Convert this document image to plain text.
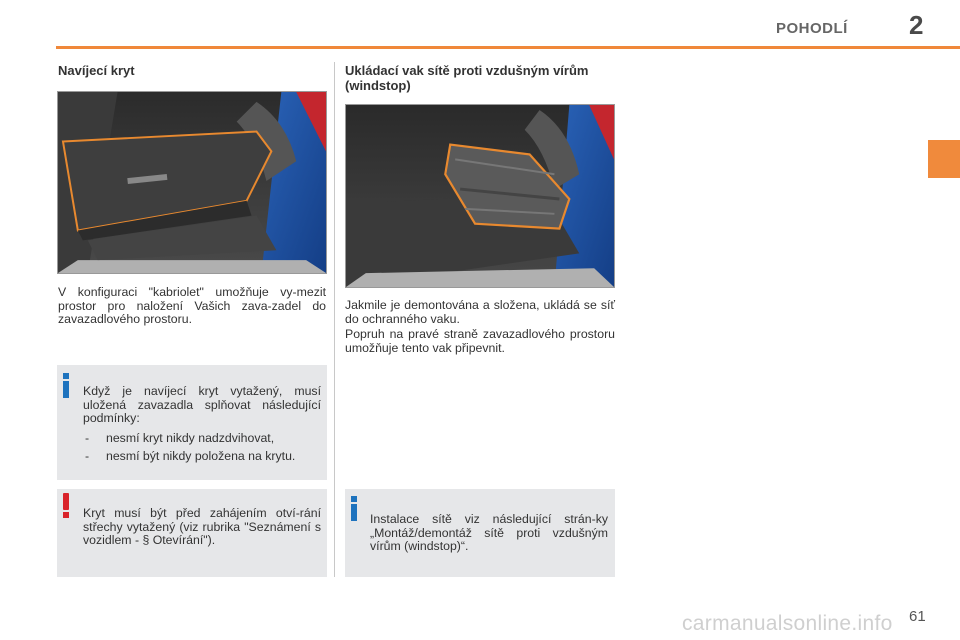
POHODLÍ 2
Navíjecí kryt

V konfiguraci "kabriolet" umožňuje vy-mezit prostor pro naložení Vašich zava-zadel do zavazadlového prostoru.

Když je navíjecí kryt vytažený, musí uložená zavazadla splňovat následující podmínky:

- nesmí kryt nikdy nadzdvihovat,
- nesmí být nikdy položena na krytu.

Kryt musí být před zahájením otví-rání střechy vytažený (viz rubrika "Seznámení s vozidlem - § Otevírání").

Ukládací vak sítě proti vzdušným vírům (windstop)

Jakmile je demontována a složena, ukládá se síť do ochranného vaku.

Popruh na pravé straně zavazadlového prostoru umožňuje tento vak připevnit.

Instalace sítě viz následující strán-ky „Montáž/demontáž sítě proti vzdušným vírům (windstop)“.

carmanualsonline.info 61
